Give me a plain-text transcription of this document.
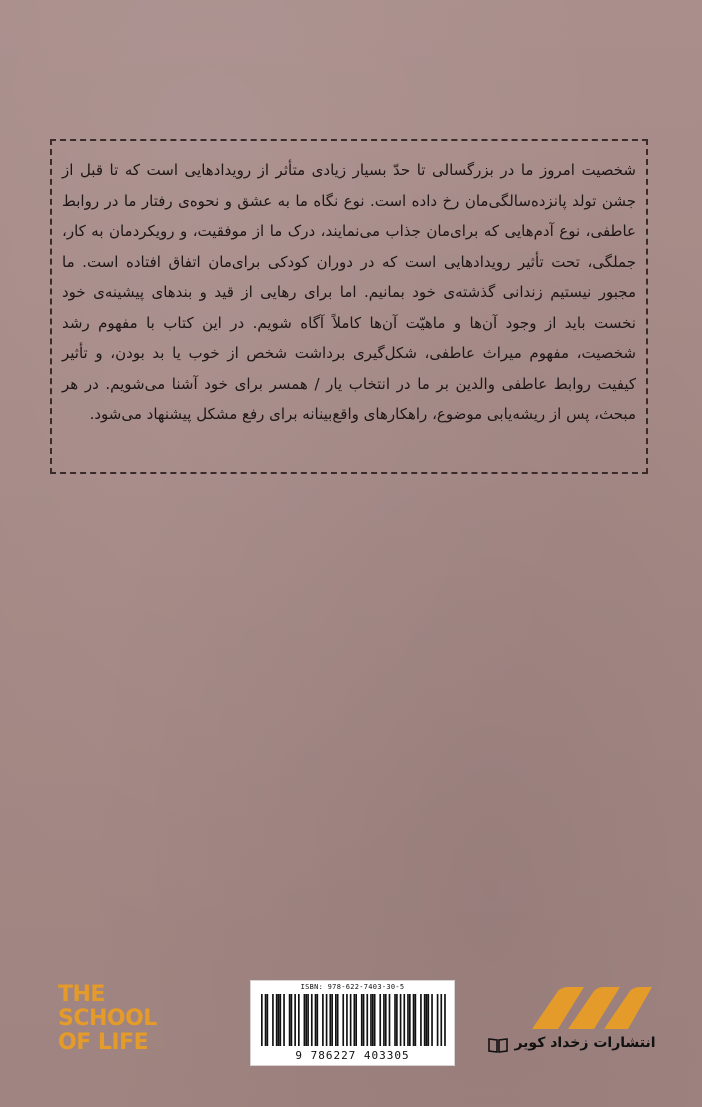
شخصیت امروز ما در بزرگسالی تا حدّ بسیار زیادی متأثر از رویدادهایی است که تا قبل از جشن تولد پانزده‌سالگی‌مان رخ داده است. نوع نگاه ما به عشق و نحوه‌ی رفتار ما در روابط عاطفی، نوع آدم‌هایی که برای‌مان جذاب می‌نمایند، درک ما از موفقیت، و رویکردمان به کار، جملگی، تحت تأثیر رویدادهایی است که در دوران کودکی برای‌مان اتفاق افتاده است. ما مجبور نیستیم زندانی گذشته‌ی خود بمانیم. اما برای رهایی از قید و بندهای پیشینه‌ی خود نخست باید از وجود آن‌ها و ماهیّت آن‌ها کاملاً آگاه شویم. در این کتاب با مفهوم رشد شخصیت، مفهوم میراث عاطفی، شکل‌گیری برداشت شخص از خوب یا بد بودن، و تأثیر کیفیت روابط عاطفی والدین بر ما در انتخاب یار / همسر برای خود آشنا می‌شویم. در هر مبحث، پس از ریشه‌یابی موضوع، راهکارهای واقع‌بینانه برای رفع مشکل پیشنهاد می‌شود.

THE
SCHOOL
OF LIFE
ISBN: 978-622-7403-30-5
9 786227 403305
انتشارات زخداد کویر
